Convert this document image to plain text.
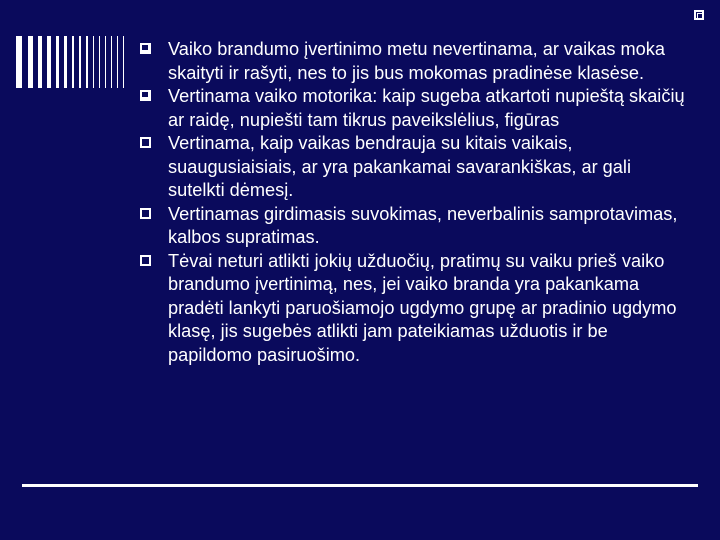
Vaiko brandumo įvertinimo metu nevertinama, ar vaikas moka skaityti ir rašyti, nes to jis bus mokomas pradinėse klasėse.
Vertinama vaiko motorika: kaip sugeba atkartoti nupieštą skaičių ar raidę, nupiešti tam tikrus paveikslėlius, figūras
Vertinama, kaip vaikas bendrauja su kitais vaikais, suaugusiaisiais, ar yra pakankamai savarankiškas, ar gali sutelkti dėmesį.
Vertinamas girdimasis suvokimas, neverbalinis samprotavimas, kalbos supratimas.
Tėvai neturi atlikti jokių užduočių, pratimų su vaiku prieš vaiko brandumo įvertinimą, nes, jei vaiko branda yra pakankama pradėti lankyti paruošiamojo ugdymo grupę ar pradinio ugdymo klasę, jis sugebės atlikti jam pateikiamas užduotis ir be papildomo pasiruošimo.
